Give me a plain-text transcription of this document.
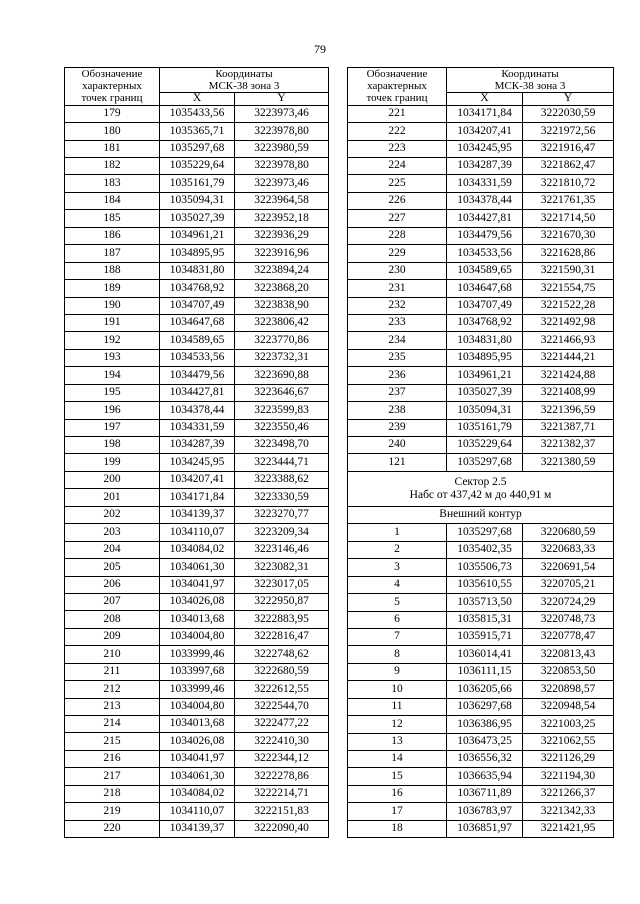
79
Обозначение
характерных
точек границ	Координаты
МСК-38 зона 3	
	X	Y
179	1035433,56	3223973,46
180	1035365,71	3223978,80
181	1035297,68	3223980,59
182	1035229,64	3223978,80
183	1035161,79	3223973,46
184	1035094,31	3223964,58
185	1035027,39	3223952,18
186	1034961,21	3223936,29
187	1034895,95	3223916,96
188	1034831,80	3223894,24
189	1034768,92	3223868,20
190	1034707,49	3223838,90
191	1034647,68	3223806,42
192	1034589,65	3223770,86
193	1034533,56	3223732,31
194	1034479,56	3223690,88
195	1034427,81	3223646,67
196	1034378,44	3223599,83
197	1034331,59	3223550,46
198	1034287,39	3223498,70
199	1034245,95	3223444,71
200	1034207,41	3223388,62
201	1034171,84	3223330,59
202	1034139,37	3223270,77
203	1034110,07	3223209,34
204	1034084,02	3223146,46
205	1034061,30	3223082,31
206	1034041,97	3223017,05
207	1034026,08	3222950,87
208	1034013,68	3222883,95
209	1034004,80	3222816,47
210	1033999,46	3222748,62
211	1033997,68	3222680,59
212	1033999,46	3222612,55
213	1034004,80	3222544,70
214	1034013,68	3222477,22
215	1034026,08	3222410,30
216	1034041,97	3222344,12
217	1034061,30	3222278,86
218	1034084,02	3222214,71
219	1034110,07	3222151,83
220	1034139,37	3222090,40
Обозначение
характерных
точек границ	Координаты
МСК-38 зона 3	
	X	Y
221	1034171,84	3222030,59
222	1034207,41	3221972,56
223	1034245,95	3221916,47
224	1034287,39	3221862,47
225	1034331,59	3221810,72
226	1034378,44	3221761,35
227	1034427,81	3221714,50
228	1034479,56	3221670,30
229	1034533,56	3221628,86
230	1034589,65	3221590,31
231	1034647,68	3221554,75
232	1034707,49	3221522,28
233	1034768,92	3221492,98
234	1034831,80	3221466,93
235	1034895,95	3221444,21
236	1034961,21	3221424,88
237	1035027,39	3221408,99
238	1035094,31	3221396,59
239	1035161,79	3221387,71
240	1035229,64	3221382,37
121	1035297,68	3221380,59
Сектор 2.5
Набс от 437,42 м до 440,91 м		
Внешний контур		
1	1035297,68	3220680,59
2	1035402,35	3220683,33
3	1035506,73	3220691,54
4	1035610,55	3220705,21
5	1035713,50	3220724,29
6	1035815,31	3220748,73
7	1035915,71	3220778,47
8	1036014,41	3220813,43
9	1036111,15	3220853,50
10	1036205,66	3220898,57
11	1036297,68	3220948,54
12	1036386,95	3221003,25
13	1036473,25	3221062,55
14	1036556,32	3221126,29
15	1036635,94	3221194,30
16	1036711,89	3221266,37
17	1036783,97	3221342,33
18	1036851,97	3221421,95
